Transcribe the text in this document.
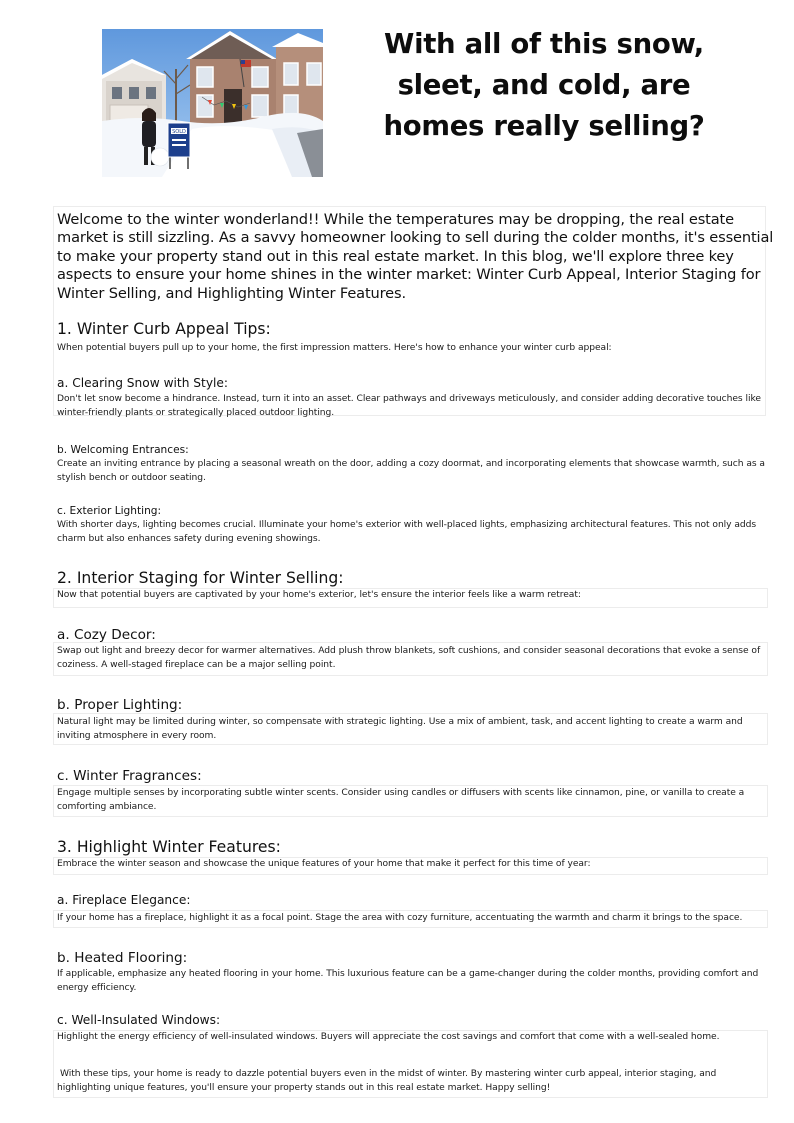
SOLD
With all of this snow, sleet, and cold, are homes really selling?

Welcome to the winter wonderland!! While the temperatures may be dropping, the real estate market is still sizzling. As a savvy homeowner looking to sell during the colder months, it's essential to make your property stand out in this real estate market. In this blog, we'll explore three key aspects to ensure your home shines in the winter market: Winter Curb Appeal, Interior Staging for Winter Selling, and Highlighting Winter Features.

1. Winter Curb Appeal Tips:

When potential buyers pull up to your home, the first impression matters. Here's how to enhance your winter curb appeal:

a. Clearing Snow with Style:

Don't let snow become a hindrance. Instead, turn it into an asset. Clear pathways and driveways meticulously, and consider adding decorative touches like winter-friendly plants or strategically placed outdoor lighting.

b. Welcoming Entrances:

Create an inviting entrance by placing a seasonal wreath on the door, adding a cozy doormat, and incorporating elements that showcase warmth, such as a stylish bench or outdoor seating.

c. Exterior Lighting:

With shorter days, lighting becomes crucial. Illuminate your home's exterior with well-placed lights, emphasizing architectural features. This not only adds charm but also enhances safety during evening showings.

2. Interior Staging for Winter Selling:

Now that potential buyers are captivated by your home's exterior, let's ensure the interior feels like a warm retreat:

a. Cozy Decor:

Swap out light and breezy decor for warmer alternatives. Add plush throw blankets, soft cushions, and consider seasonal decorations that evoke a sense of coziness. A well-staged fireplace can be a major selling point.

b. Proper Lighting:

Natural light may be limited during winter, so compensate with strategic lighting. Use a mix of ambient, task, and accent lighting to create a warm and inviting atmosphere in every room.

c. Winter Fragrances:

Engage multiple senses by incorporating subtle winter scents. Consider using candles or diffusers with scents like cinnamon, pine, or vanilla to create a comforting ambiance.

3. Highlight Winter Features:

Embrace the winter season and showcase the unique features of your home that make it perfect for this time of year:

a. Fireplace Elegance:

If your home has a fireplace, highlight it as a focal point. Stage the area with cozy furniture, accentuating the warmth and charm it brings to the space.

b. Heated Flooring:

If applicable, emphasize any heated flooring in your home. This luxurious feature can be a game-changer during the colder months, providing comfort and energy efficiency.

c. Well-Insulated Windows:

Highlight the energy efficiency of well-insulated windows. Buyers will appreciate the cost savings and comfort that come with a well-sealed home.

With these tips, your home is ready to dazzle potential buyers even in the midst of winter. By mastering winter curb appeal, interior staging, and highlighting unique features, you'll ensure your property stands out in this real estate market. Happy selling!
